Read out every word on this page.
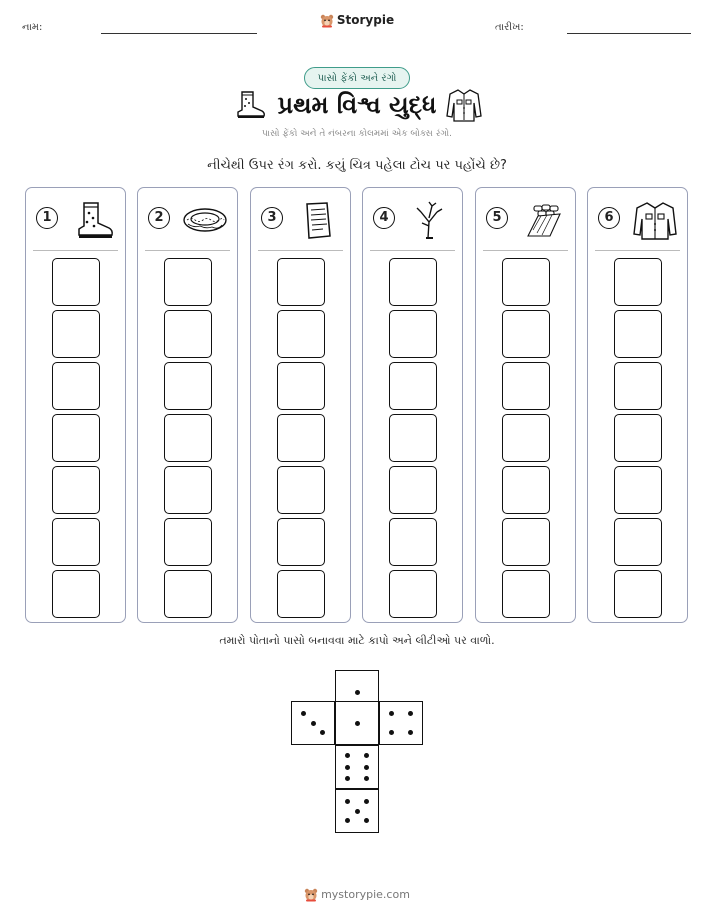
નામ:
Storypie
તારીખ:
પાસો ફેંકો અને રંગો
પ્રથમ વિશ્વ યુદ્ધ
પાસો ફેંકો અને તે નંબરના કોલમમાં એક બોક્સ રંગો.
નીચેથી ઉપર રંગ કરો. કયું ચિત્ર પહેલા ટોચ પર પહોંચે છે?
1	2	3	4	5	6
તમારો પોતાનો પાસો બનાવવા માટે કાપો અને લીટીઓ પર વાળો.
mystorypie.com
